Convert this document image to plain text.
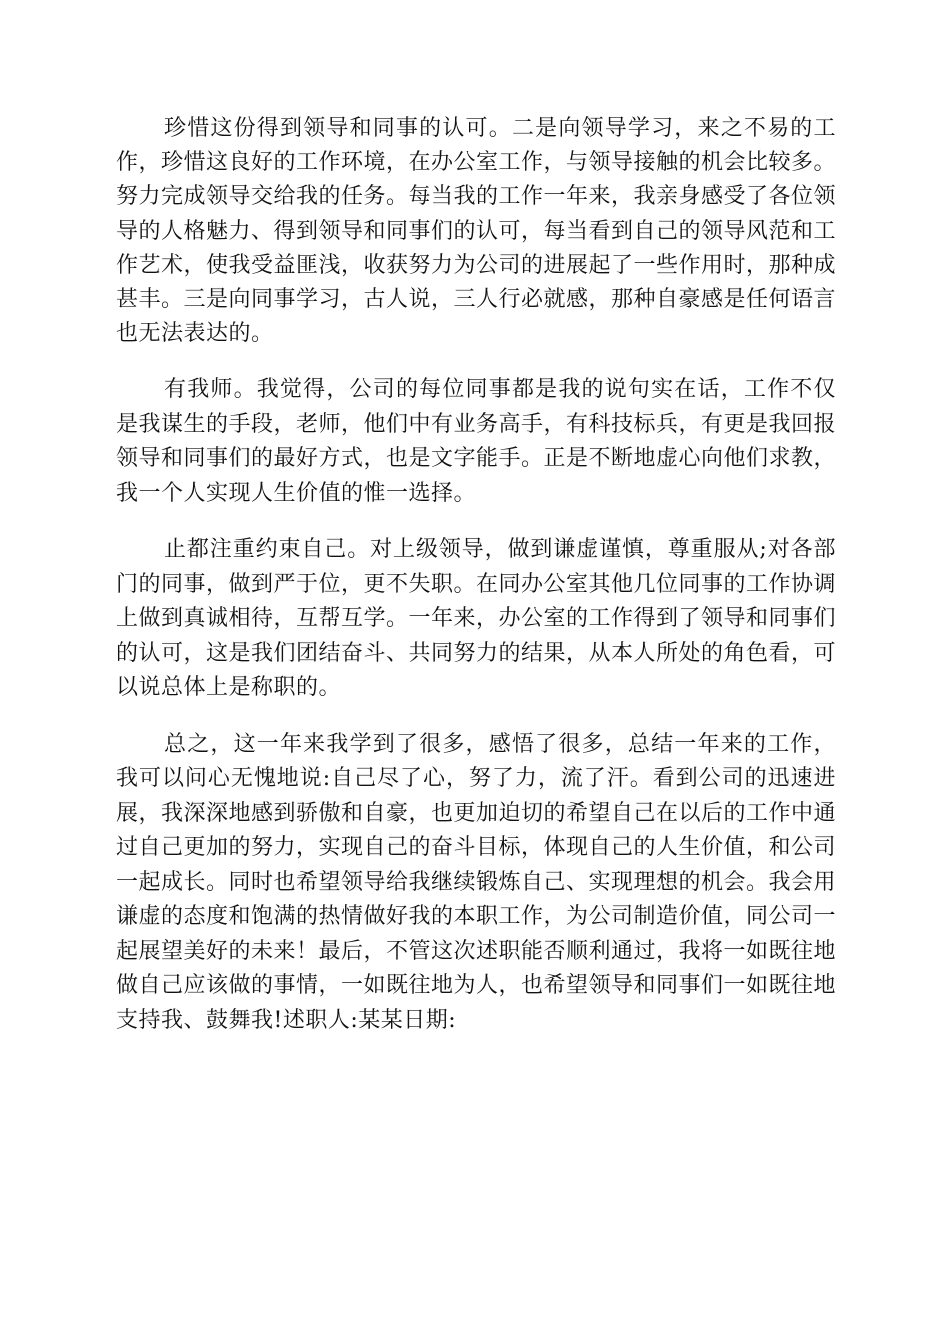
珍惜这份得到领导和同事的认可。二是向领导学习，来之不易的工作，珍惜这良好的工作环境，在办公室工作，与领导接触的机会比较多。努力完成领导交给我的任务。每当我的工作一年来，我亲身感受了各位领导的人格魅力、得到领导和同事们的认可，每当看到自己的领导风范和工作艺术，使我受益匪浅，收获努力为公司的进展起了一些作用时，那种成甚丰。三是向同事学习，古人说，三人行必就感，那种自豪感是任何语言也无法表达的。

有我师。我觉得，公司的每位同事都是我的说句实在话，工作不仅是我谋生的手段，老师，他们中有业务高手，有科技标兵，有更是我回报领导和同事们的最好方式，也是文字能手。正是不断地虚心向他们求教，我一个人实现人生价值的惟一选择。

止都注重约束自己。对上级领导，做到谦虚谨慎，尊重服从;对各部门的同事，做到严于位，更不失职。在同办公室其他几位同事的工作协调上做到真诚相待，互帮互学。一年来，办公室的工作得到了领导和同事们的认可，这是我们团结奋斗、共同努力的结果，从本人所处的角色看，可以说总体上是称职的。

总之，这一年来我学到了很多，感悟了很多，总结一年来的工作，我可以问心无愧地说:自己尽了心，努了力，流了汗。看到公司的迅速进展，我深深地感到骄傲和自豪，也更加迫切的希望自己在以后的工作中通过自己更加的努力，实现自己的奋斗目标，体现自己的人生价值，和公司一起成长。同时也希望领导给我继续锻炼自己、实现理想的机会。我会用谦虚的态度和饱满的热情做好我的本职工作，为公司制造价值，同公司一起展望美好的未来！最后，不管这次述职能否顺利通过，我将一如既往地做自己应该做的事情，一如既往地为人，也希望领导和同事们一如既往地支持我、鼓舞我!述职人:某某日期:
